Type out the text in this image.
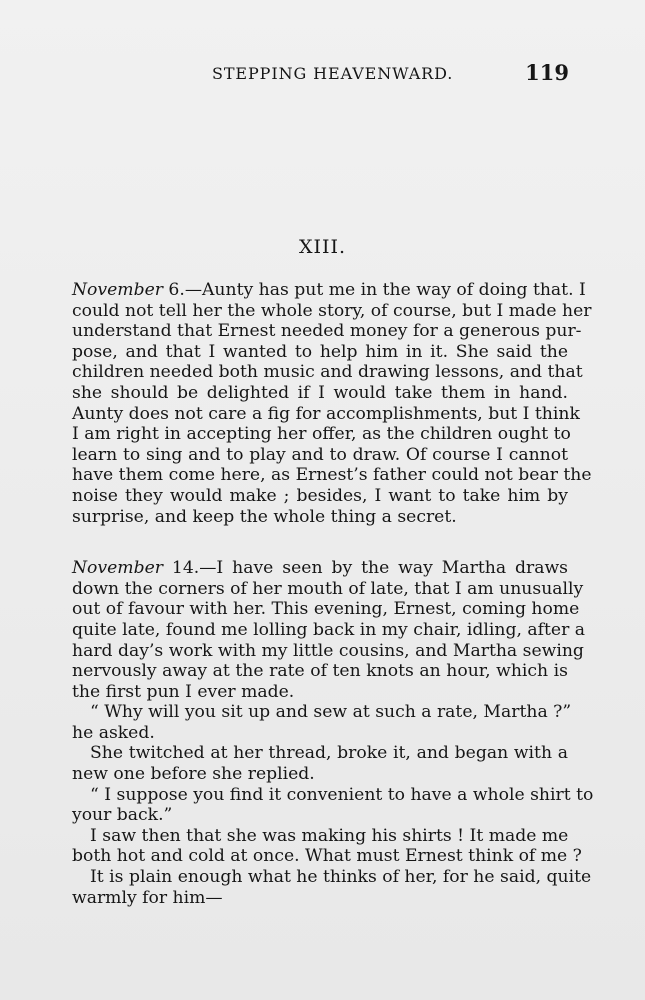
STEPPING HEAVENWARD.	119
XIII.
November 6.—Aunty has put me in the way of doing that. I
could not tell her the whole story, of course, but I made her
understand that Ernest needed money for a generous pur-
pose, and that I wanted to help him in it. She said the
children needed both music and drawing lessons, and that
she should be delighted if I would take them in hand.
Aunty does not care a fig for accomplishments, but I think
I am right in accepting her offer, as the children ought to
learn to sing and to play and to draw. Of course I cannot
have them come here, as Ernest’s father could not bear the
noise they would make ; besides, I want to take him by
surprise, and keep the whole thing a secret.
November 14.—I have seen by the way Martha draws
down the corners of her mouth of late, that I am unusually
out of favour with her. This evening, Ernest, coming home
quite late, found me lolling back in my chair, idling, after a
hard day’s work with my little cousins, and Martha sewing
nervously away at the rate of ten knots an hour, which is
the first pun I ever made.
“ Why will you sit up and sew at such a rate, Martha ?”
he asked.
She twitched at her thread, broke it, and began with a
new one before she replied.
“ I suppose you find it convenient to have a whole shirt to
your back.”
I saw then that she was making his shirts ! It made me
both hot and cold at once. What must Ernest think of me ?
It is plain enough what he thinks of her, for he said, quite
warmly for him—
